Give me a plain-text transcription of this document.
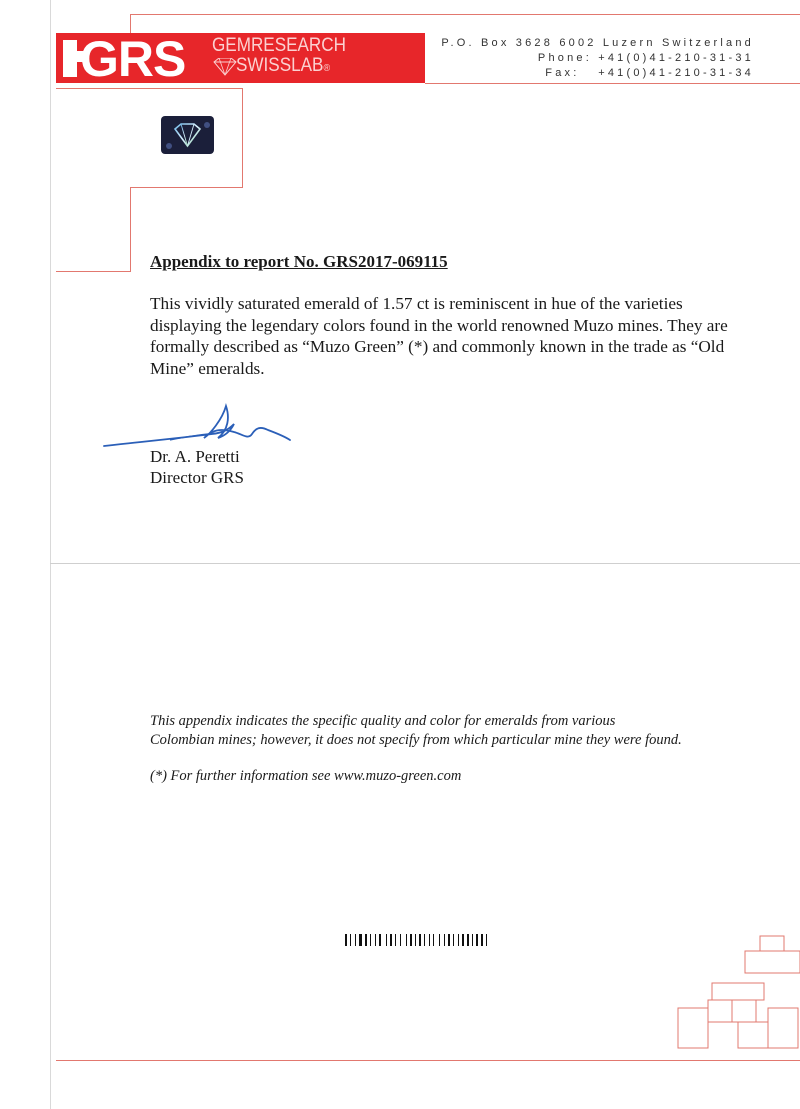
GRS GEMRESEARCH
SWISSLAB®
P.O. Box 3628 6002 Luzern Switzerland
Phone: +41(0)41-210-31-31
Fax:   +41(0)41-210-31-34
Appendix to report No. GRS2017-069115
This vividly saturated emerald of 1.57 ct is reminiscent in hue of the varieties displaying the legendary colors found in the world renowned Muzo mines. They are formally described as “Muzo Green” (*) and commonly known in the trade as “Old Mine” emeralds.
Dr. A. Peretti
Director GRS
This appendix indicates the specific quality and color for emeralds from various
Colombian mines; however, it does not specify from which particular mine they were found.
(*) For further information see www.muzo-green.com
